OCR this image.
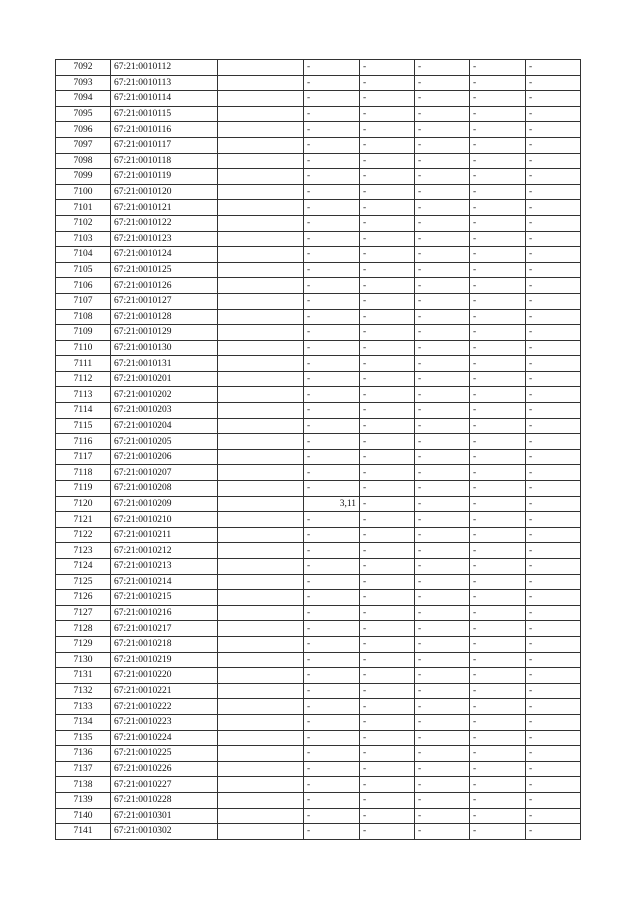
7092	67:21:0010112		-	-	-	-	-
7093	67:21:0010113		-	-	-	-	-
7094	67:21:0010114		-	-	-	-	-
7095	67:21:0010115		-	-	-	-	-
7096	67:21:0010116		-	-	-	-	-
7097	67:21:0010117		-	-	-	-	-
7098	67:21:0010118		-	-	-	-	-
7099	67:21:0010119		-	-	-	-	-
7100	67:21:0010120		-	-	-	-	-
7101	67:21:0010121		-	-	-	-	-
7102	67:21:0010122		-	-	-	-	-
7103	67:21:0010123		-	-	-	-	-
7104	67:21:0010124		-	-	-	-	-
7105	67:21:0010125		-	-	-	-	-
7106	67:21:0010126		-	-	-	-	-
7107	67:21:0010127		-	-	-	-	-
7108	67:21:0010128		-	-	-	-	-
7109	67:21:0010129		-	-	-	-	-
7110	67:21:0010130		-	-	-	-	-
7111	67:21:0010131		-	-	-	-	-
7112	67:21:0010201		-	-	-	-	-
7113	67:21:0010202		-	-	-	-	-
7114	67:21:0010203		-	-	-	-	-
7115	67:21:0010204		-	-	-	-	-
7116	67:21:0010205		-	-	-	-	-
7117	67:21:0010206		-	-	-	-	-
7118	67:21:0010207		-	-	-	-	-
7119	67:21:0010208		-	-	-	-	-
7120	67:21:0010209		3,11	-	-	-	-
7121	67:21:0010210		-	-	-	-	-
7122	67:21:0010211		-	-	-	-	-
7123	67:21:0010212		-	-	-	-	-
7124	67:21:0010213		-	-	-	-	-
7125	67:21:0010214		-	-	-	-	-
7126	67:21:0010215		-	-	-	-	-
7127	67:21:0010216		-	-	-	-	-
7128	67:21:0010217		-	-	-	-	-
7129	67:21:0010218		-	-	-	-	-
7130	67:21:0010219		-	-	-	-	-
7131	67:21:0010220		-	-	-	-	-
7132	67:21:0010221		-	-	-	-	-
7133	67:21:0010222		-	-	-	-	-
7134	67:21:0010223		-	-	-	-	-
7135	67:21:0010224		-	-	-	-	-
7136	67:21:0010225		-	-	-	-	-
7137	67:21:0010226		-	-	-	-	-
7138	67:21:0010227		-	-	-	-	-
7139	67:21:0010228		-	-	-	-	-
7140	67:21:0010301		-	-	-	-	-
7141	67:21:0010302		-	-	-	-	-
